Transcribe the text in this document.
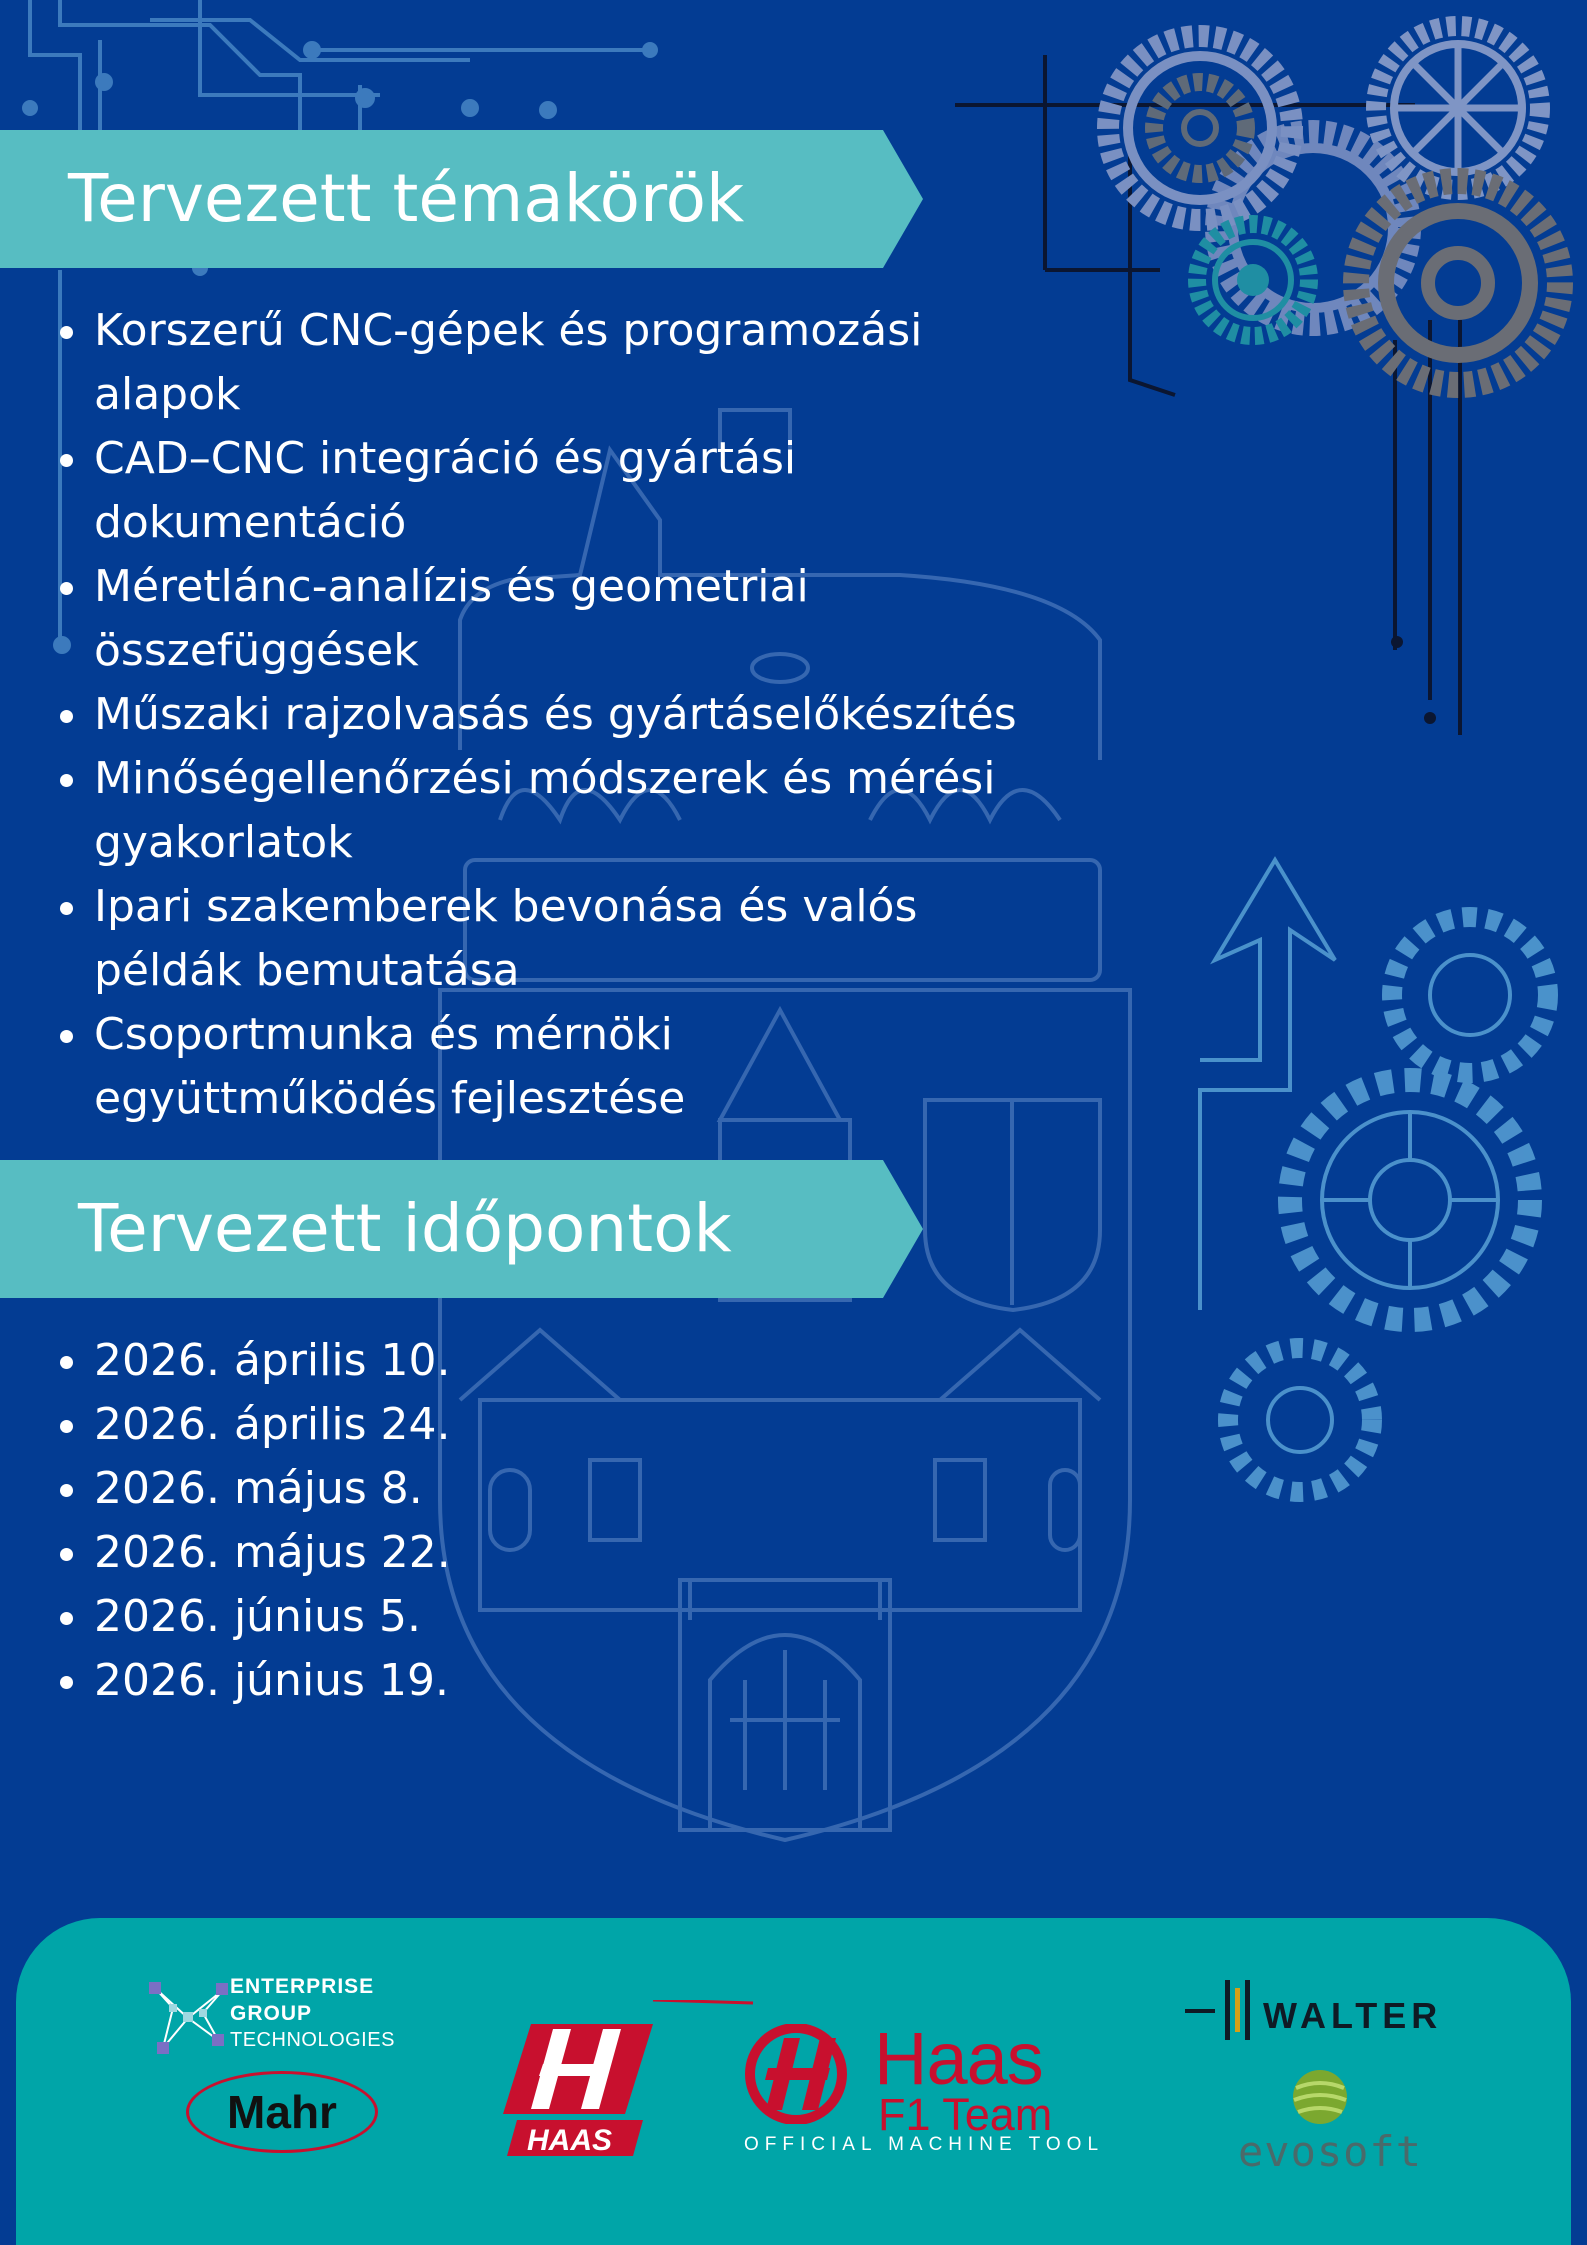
Tervezett témakörök
Korszerű CNC-gépek és programozási
alapok
CAD–CNC integráció és gyártási
dokumentáció
Méretlánc-analízis és geometriai
összefüggések
Műszaki rajzolvasás és gyártáselőkészítés
Minőségellenőrzési módszerek és mérési
gyakorlatok
Ipari szakemberek bevonása és valós
példák bemutatása
Csoportmunka és mérnöki
együttműködés fejlesztése
Tervezett időpontok
2026. április 10.
2026. április 24.
2026. május 8.
2026. május 22.
2026. június 5.
2026. június 19.
ENTERPRISE
GROUP
TECHNOLOGIES
Mahr
HAAS
Haas
F1 Team
OFFICIAL MACHINE TOOL
WALTER
evosoft
